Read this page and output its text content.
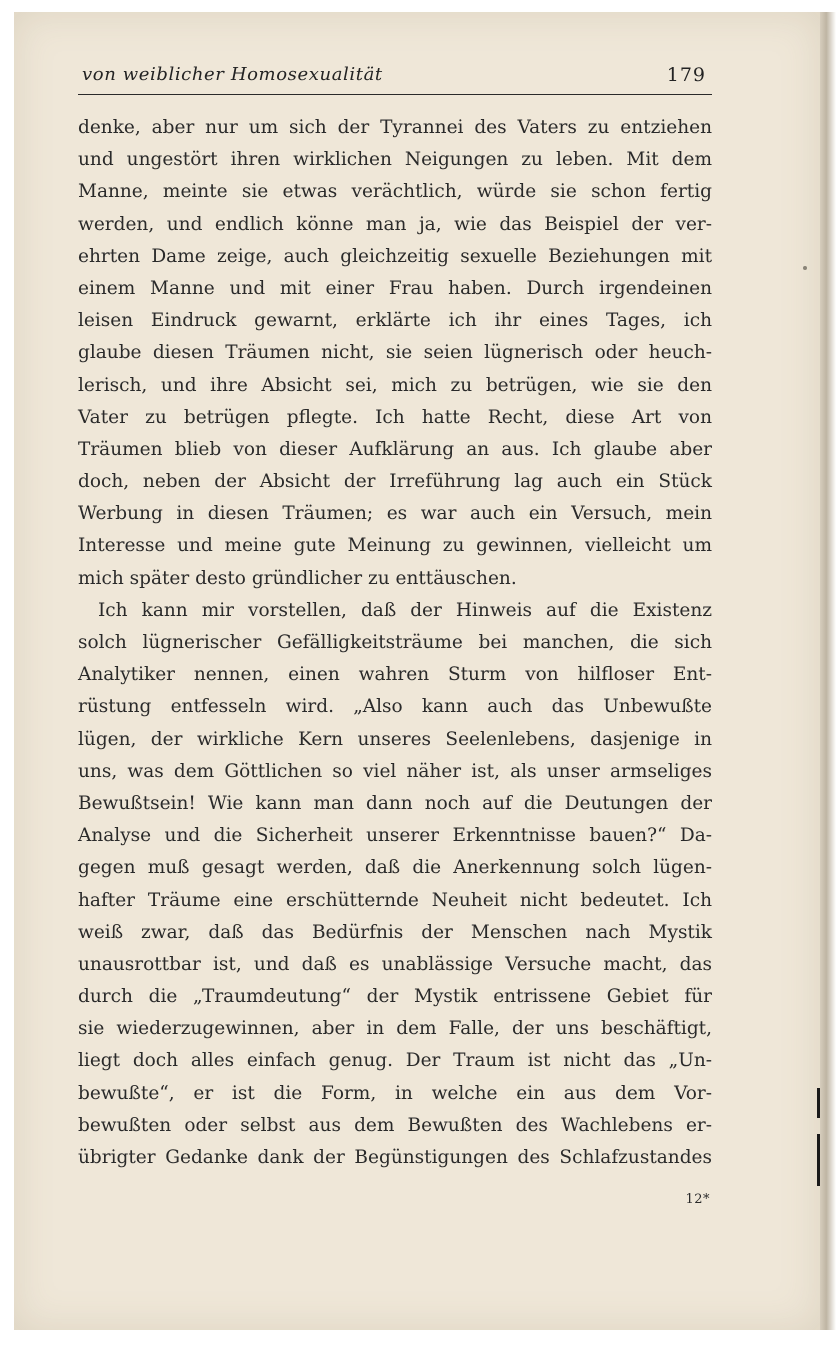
von weiblicher Homosexualität	179
denke, aber nur um sich der Tyrannei des Vaters zu entziehen
und ungestört ihren wirklichen Neigungen zu leben. Mit dem
Manne, meinte sie etwas verächtlich, würde sie schon fertig
werden, und endlich könne man ja, wie das Beispiel der ver-
ehrten Dame zeige, auch gleichzeitig sexuelle Beziehungen mit
einem Manne und mit einer Frau haben. Durch irgendeinen
leisen Eindruck gewarnt, erklärte ich ihr eines Tages, ich
glaube diesen Träumen nicht, sie seien lügnerisch oder heuch-
lerisch, und ihre Absicht sei, mich zu betrügen, wie sie den
Vater zu betrügen pflegte. Ich hatte Recht, diese Art von
Träumen blieb von dieser Aufklärung an aus. Ich glaube aber
doch, neben der Absicht der Irreführung lag auch ein Stück
Werbung in diesen Träumen; es war auch ein Versuch, mein
Interesse und meine gute Meinung zu gewinnen, vielleicht um
mich später desto gründlicher zu enttäuschen.
Ich kann mir vorstellen, daß der Hinweis auf die Existenz
solch lügnerischer Gefälligkeitsträume bei manchen, die sich
Analytiker nennen, einen wahren Sturm von hilfloser Ent-
rüstung entfesseln wird. „Also kann auch das Unbewußte
lügen, der wirkliche Kern unseres Seelenlebens, dasjenige in
uns, was dem Göttlichen so viel näher ist, als unser armseliges
Bewußtsein! Wie kann man dann noch auf die Deutungen der
Analyse und die Sicherheit unserer Erkenntnisse bauen?“ Da-
gegen muß gesagt werden, daß die Anerkennung solch lügen-
hafter Träume eine erschütternde Neuheit nicht bedeutet. Ich
weiß zwar, daß das Bedürfnis der Menschen nach Mystik
unausrottbar ist, und daß es unablässige Versuche macht, das
durch die „Traumdeutung“ der Mystik entrissene Gebiet für
sie wiederzugewinnen, aber in dem Falle, der uns beschäftigt,
liegt doch alles einfach genug. Der Traum ist nicht das „Un-
bewußte“, er ist die Form, in welche ein aus dem Vor-
bewußten oder selbst aus dem Bewußten des Wachlebens er-
übrigter Gedanke dank der Begünstigungen des Schlafzustandes
12*
